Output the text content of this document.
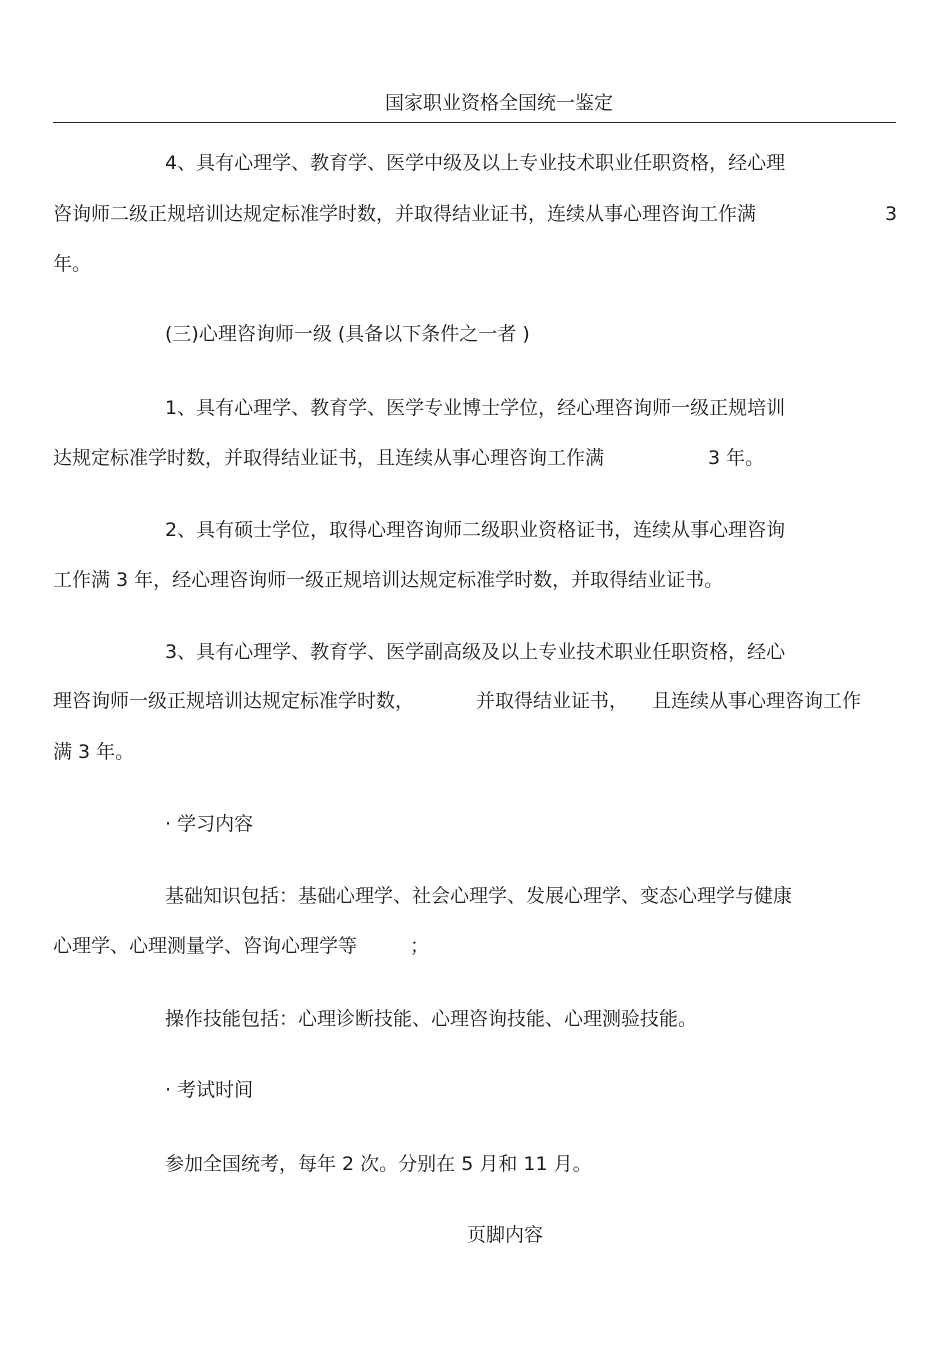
国家职业资格全国统一鉴定
4、具有心理学、教育学、医学中级及以上专业技术职业任职资格，经心理
咨询师二级正规培训达规定标准学时数，并取得结业证书，连续从事心理咨询工作满	3
年。
(三)心理咨询师一级 (具备以下条件之一者 )
1、具有心理学、教育学、医学专业博士学位，经心理咨询师一级正规培训
达规定标准学时数，并取得结业证书，且连续从事心理咨询工作满	3 年。
2、具有硕士学位，取得心理咨询师二级职业资格证书，连续从事心理咨询
工作满 3 年，经心理咨询师一级正规培训达规定标准学时数，并取得结业证书。
3、具有心理学、教育学、医学副高级及以上专业技术职业任职资格，经心
理咨询师一级正规培训达规定标准学时数，	并取得结业证书， 且连续从事心理咨询工作
满 3 年。
· 学习内容
基础知识包括：基础心理学、社会心理学、发展心理学、变态心理学与健康
心理学、心理测量学、咨询心理学等	；
操作技能包括：心理诊断技能、心理咨询技能、心理测验技能。
· 考试时间
参加全国统考，每年 2 次。分别在 5 月和 11 月。
页脚内容
